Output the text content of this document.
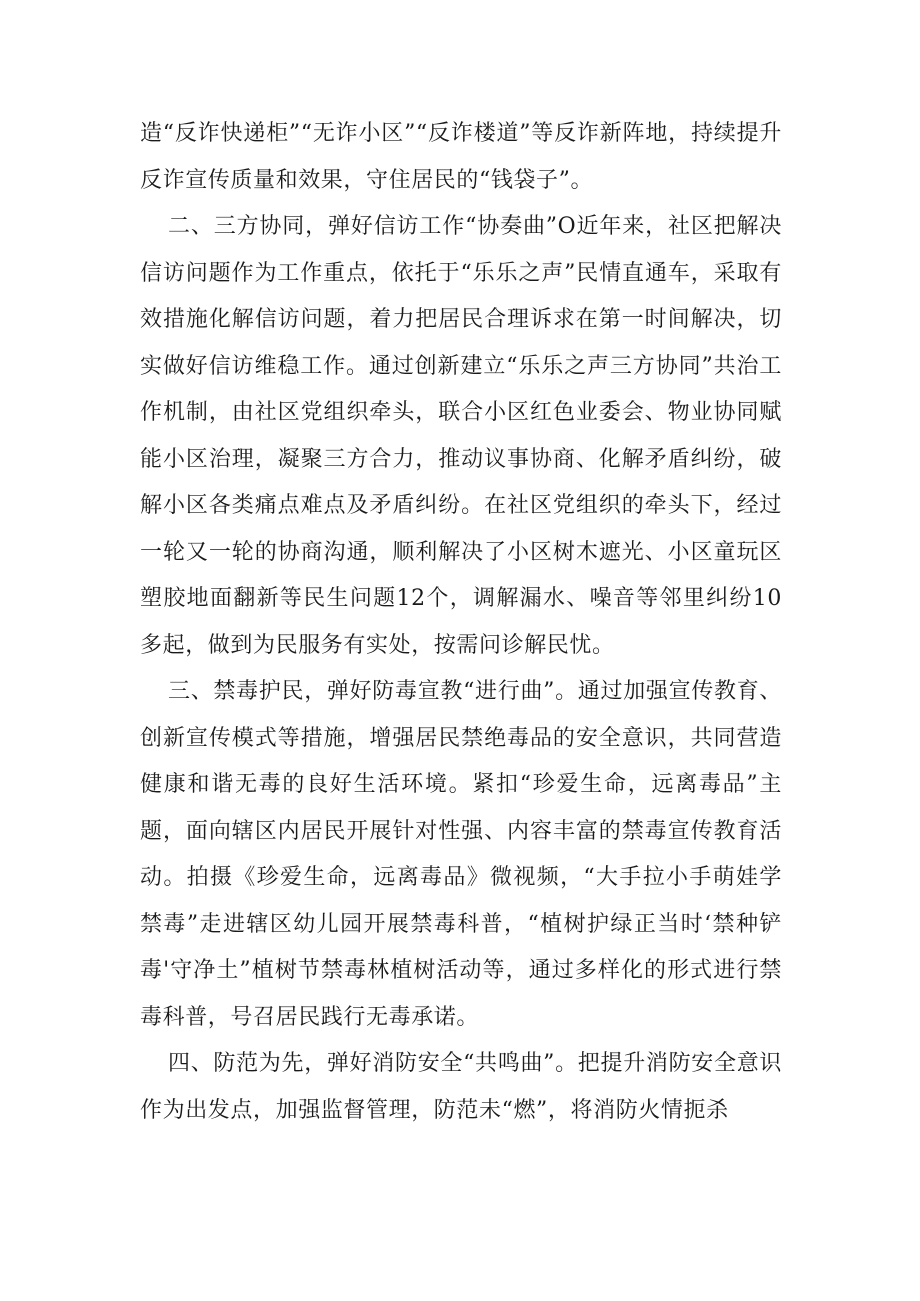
造“反诈快递柜”“无诈小区”“反诈楼道”等反诈新阵地，持续提升反诈宣传质量和效果，守住居民的“钱袋子”。

二、三方协同，弹好信访工作“协奏曲”O近年来，社区把解决信访问题作为工作重点，依托于“乐乐之声”民情直通车，采取有效措施化解信访问题，着力把居民合理诉求在第一时间解决，切实做好信访维稳工作。通过创新建立“乐乐之声三方协同”共治工作机制，由社区党组织牵头，联合小区红色业委会、物业协同赋能小区治理，凝聚三方合力，推动议事协商、化解矛盾纠纷，破解小区各类痛点难点及矛盾纠纷。在社区党组织的牵头下，经过一轮又一轮的协商沟通，顺利解决了小区树木遮光、小区童玩区塑胶地面翻新等民生问题12个，调解漏水、噪音等邻里纠纷10多起，做到为民服务有实处，按需问诊解民忧。

三、禁毒护民，弹好防毒宣教“进行曲”。通过加强宣传教育、创新宣传模式等措施，增强居民禁绝毒品的安全意识，共同营造健康和谐无毒的良好生活环境。紧扣“珍爱生命，远离毒品”主题，面向辖区内居民开展针对性强、内容丰富的禁毒宣传教育活动。拍摄《珍爱生命，远离毒品》微视频，“大手拉小手萌娃学禁毒”走进辖区幼儿园开展禁毒科普，“植树护绿正当时‘禁种铲毒'守净土”植树节禁毒林植树活动等，通过多样化的形式进行禁毒科普，号召居民践行无毒承诺。

四、防范为先，弹好消防安全“共鸣曲”。把提升消防安全意识作为出发点，加强监督管理，防范未“燃”，将消防火情扼杀
